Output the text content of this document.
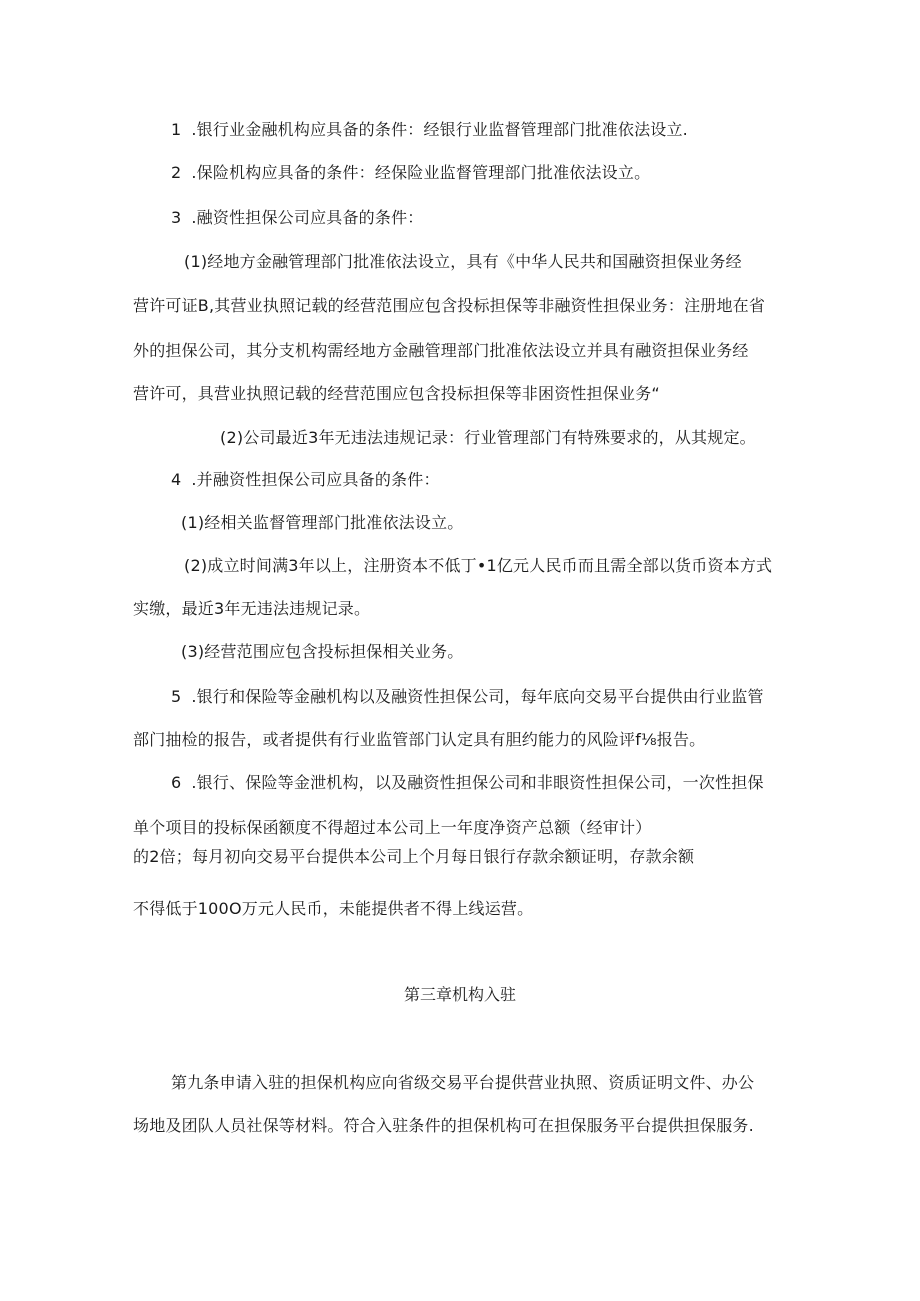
1 .银行业金融机构应具备的条件：经银行业监督管理部门批准依法设立.
2 .保险机构应具备的条件：经保险业监督管理部门批准依法设立。
3 .融资性担保公司应具备的条件：
(1)经地方金融管理部门批准依法设立，具有《中华人民共和国融资担保业务经
营许可证B,其营业执照记载的经营范围应包含投标担保等非融资性担保业务：注册地在省
外的担保公司，其分支机构需经地方金融管理部门批准依法设立并具有融资担保业务经
营许可，具营业执照记载的经营范围应包含投标担保等非困资性担保业务“
(2)公司最近3年无违法违规记录：行业管理部门有特殊要求的，从其规定。
4 .并融资性担保公司应具备的条件：
(1)经相关监督管理部门批准依法设立。
(2)成立时间满3年以上，注册资本不低丁•1亿元人民币而且需全部以货币资本方式
实缴，最近3年无违法违规记录。
(3)经营范围应包含投标担保相关业务。
5 .银行和保险等金融机构以及融资性担保公司，每年底向交易平台提供由行业监管
部门抽检的报告，或者提供有行业监管部门认定具有胆约能力的风险评f⅛报告。
6 .银行、保险等金泄机构，以及融资性担保公司和非眼资性担保公司，一次性担保
单个项目的投标保函额度不得超过本公司上一年度净资产总额（经审计）
的2倍；每月初向交易平台提供本公司上个月每日银行存款余额证明，存款余额
不得低于100O万元人民币，未能提供者不得上线运营。
第三章机构入驻
第九条申请入驻的担保机构应向省级交易平台提供营业执照、资质证明文件、办公
场地及团队人员社保等材料。符合入驻条件的担保机构可在担保服务平台提供担保服务.
